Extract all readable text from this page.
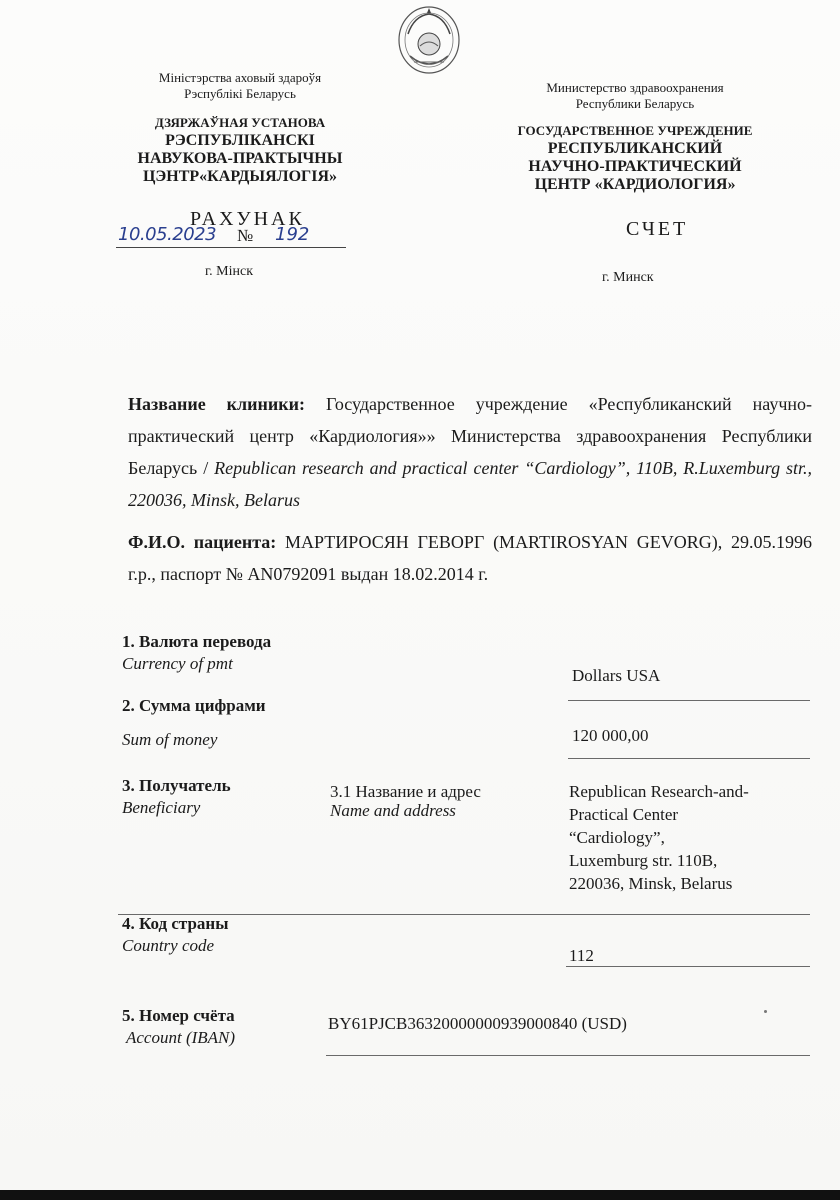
Міністэрства аховый здароўя
Рэспублікі Беларусь
ДЗЯРЖАЎНАЯ УСТАНОВА
РЭСПУБЛІКАНСКІ
НАВУКОВА-ПРАКТЫЧНЫ
ЦЭНТР«КАРДЫЯЛОГІЯ»
РАХУНАК
10.05.2023 № 192
г. Мінск
Министерство здравоохранения
Республики Беларусь
ГОСУДАРСТВЕННОЕ УЧРЕЖДЕНИЕ
РЕСПУБЛИКАНСКИЙ
НАУЧНО-ПРАКТИЧЕСКИЙ
ЦЕНТР «КАРДИОЛОГИЯ»
СЧЕТ
г. Минск
Название клиники: Государственное учреждение «Республиканский научно-практический центр «Кардиология»» Министерства здравоохранения Республики Беларусь / Republican research and practical center “Cardiology”, 110B, R.Luxemburg str., 220036, Minsk, Belarus
Ф.И.О. пациента: МАРТИРОСЯН ГЕВОРГ (MARTIROSYAN GEVORG), 29.05.1996 г.р., паспорт № AN0792091 выдан 18.02.2014 г.
1. Валюта перевода
Currency of pmt
Dollars USA
2. Сумма цифрами
Sum of money	120 000,00
3. Получатель
Beneficiary
3.1 Название и адрес
Name and address
Republican Research-and-
Practical Center
“Cardiology”,
Luxemburg str. 110B,
220036, Minsk, Belarus
4. Код страны
Country code
112
5. Номер счёта
Account (IBAN)
BY61PJCB36320000000939000840 (USD)
